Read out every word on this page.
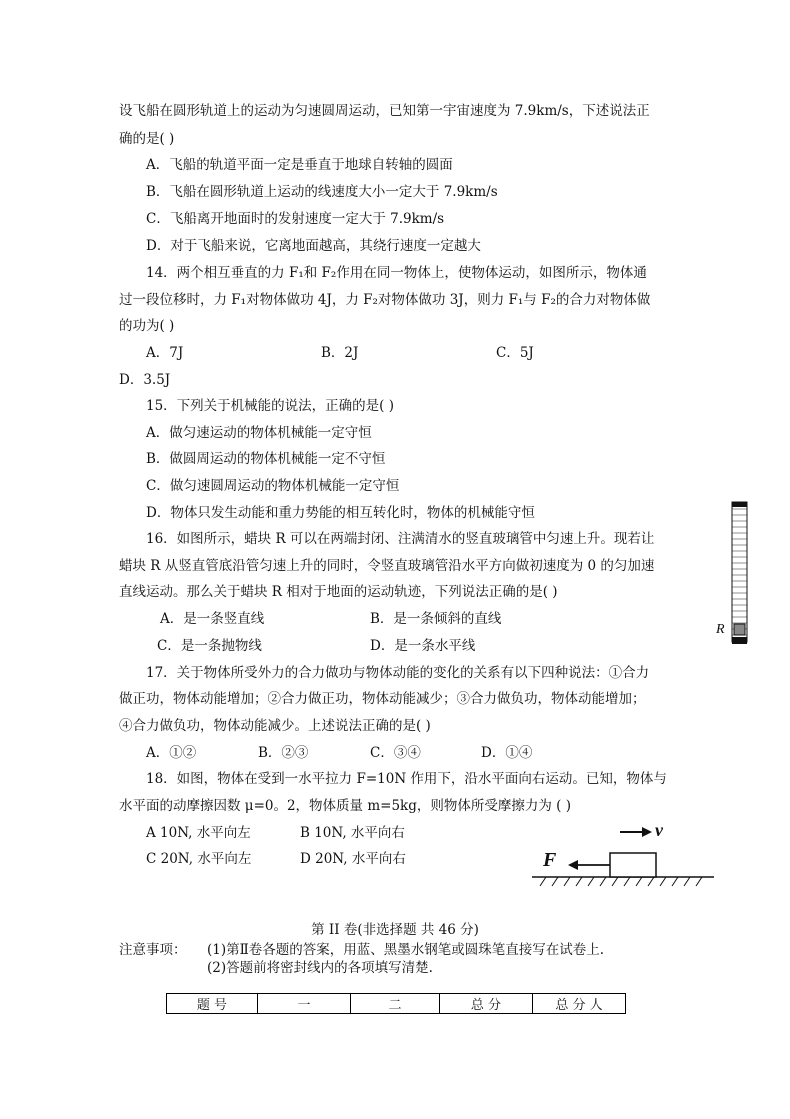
设飞船在圆形轨道上的运动为匀速圆周运动，已知第一宇宙速度为 7.9km/s，下述说法正
确的是( )
A．飞船的轨道平面一定是垂直于地球自转轴的圆面
B．飞船在圆形轨道上运动的线速度大小一定大于 7.9km/s
C．飞船离开地面时的发射速度一定大于 7.9km/s
D．对于飞船来说，它离地面越高，其绕行速度一定越大
14．两个相互垂直的力 F₁和 F₂作用在同一物体上，使物体运动，如图所示，物体通
过一段位移时，力 F₁对物体做功 4J，力 F₂对物体做功 3J，则力 F₁与 F₂的合力对物体做
的功为( )
A．7J	B．2J	C．5J
D．3.5J
15．下列关于机械能的说法，正确的是( )
A．做匀速运动的物体机械能一定守恒
B．做圆周运动的物体机械能一定不守恒
C．做匀速圆周运动的物体机械能一定守恒
D．物体只发生动能和重力势能的相互转化时，物体的机械能守恒
16．如图所示，蜡块 R 可以在两端封闭、注满清水的竖直玻璃管中匀速上升。现若让
蜡块 R 从竖直管底沿管匀速上升的同时，令竖直玻璃管沿水平方向做初速度为 0 的匀加速
直线运动。那么关于蜡块 R 相对于地面的运动轨迹，下列说法正确的是( )
A．是一条竖直线	B．是一条倾斜的直线
C．是一条抛物线	D．是一条水平线
R
17．关于物体所受外力的合力做功与物体动能的变化的关系有以下四种说法：①合力
做正功，物体动能增加；②合力做正功，物体动能减少；③合力做负功，物体动能增加；
④合力做负功，物体动能减少。上述说法正确的是( )
A．①②	B．②③	C．③④	D．①④
18．如图，物体在受到一水平拉力 F=10N 作用下，沿水平面向右运动。已知，物体与
水平面的动摩擦因数 μ=0。2，物体质量 m=5kg，则物体所受摩擦力为 ( )
A 10N, 水平向左	B 10N, 水平向右
C 20N, 水平向左	D 20N, 水平向右	F
v
第 II 卷(非选择题 共 46 分)
注意事项： (1)第Ⅱ卷各题的答案，用蓝、黑墨水钢笔或圆珠笔直接写在试卷上.
(2)答题前将密封线内的各项填写清楚.
题 号	一	二	总 分	总 分 人
